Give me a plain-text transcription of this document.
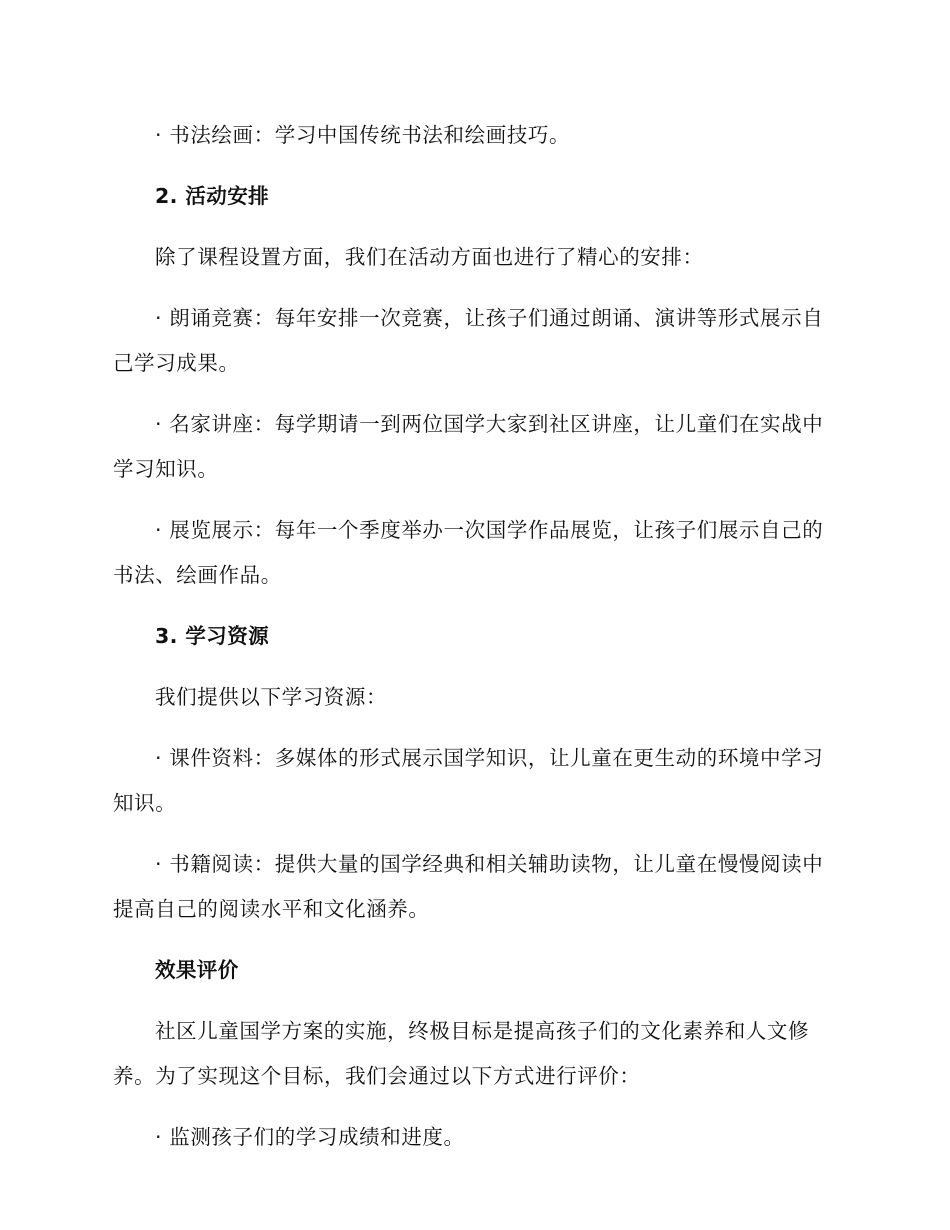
· 书法绘画：学习中国传统书法和绘画技巧。

2. 活动安排

除了课程设置方面，我们在活动方面也进行了精心的安排：

· 朗诵竞赛：每年安排一次竞赛，让孩子们通过朗诵、演讲等形式展示自己学习成果。

· 名家讲座：每学期请一到两位国学大家到社区讲座，让儿童们在实战中学习知识。

· 展览展示：每年一个季度举办一次国学作品展览，让孩子们展示自己的书法、绘画作品。

3. 学习资源

我们提供以下学习资源：

· 课件资料：多媒体的形式展示国学知识，让儿童在更生动的环境中学习知识。

· 书籍阅读：提供大量的国学经典和相关辅助读物，让儿童在慢慢阅读中提高自己的阅读水平和文化涵养。

效果评价

社区儿童国学方案的实施，终极目标是提高孩子们的文化素养和人文修养。为了实现这个目标，我们会通过以下方式进行评价：

· 监测孩子们的学习成绩和进度。
